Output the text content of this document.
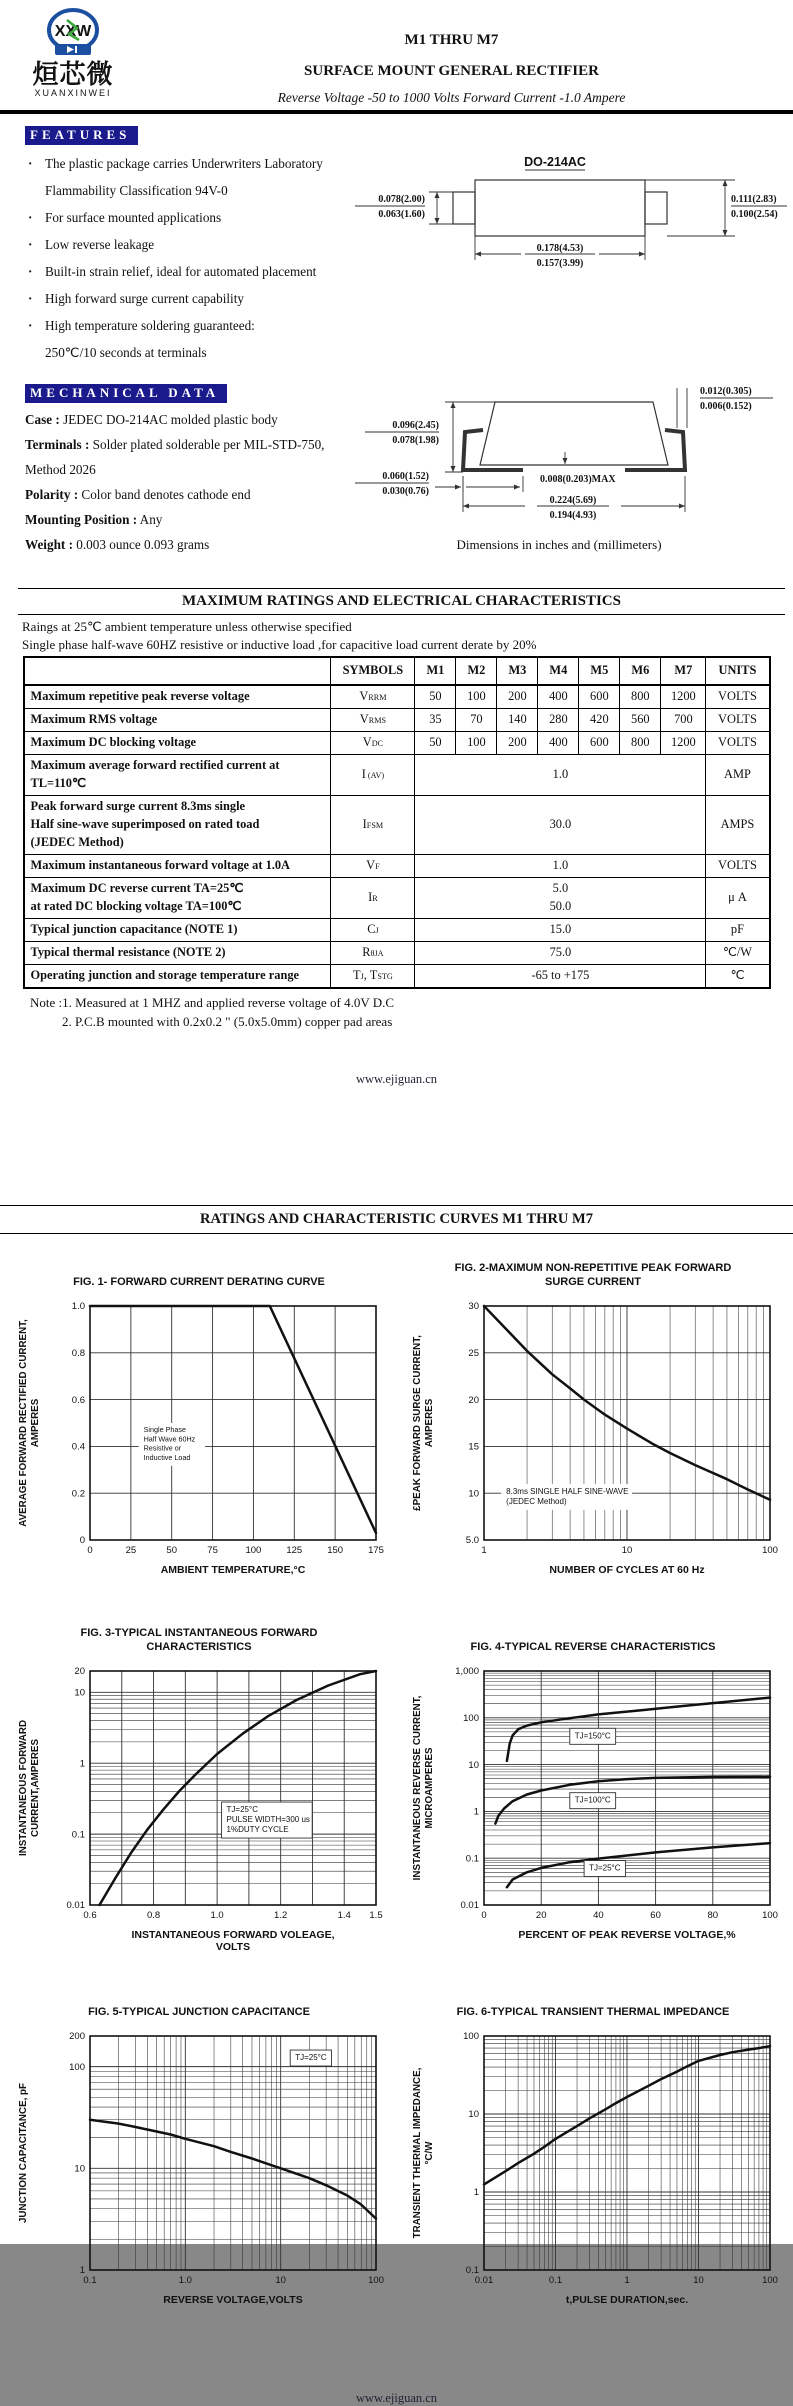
XXW
烜芯微
XUANXINWEI
M1 THRU M7
SURFACE MOUNT GENERAL RECTIFIER
Reverse Voltage -50 to 1000 Volts Forward Current -1.0 Ampere
FEATURES
· The plastic package carries Underwriters Laboratory
Flammability Classification 94V-0
· For surface mounted applications
· Low reverse leakage
· Built-in strain relief, ideal for automated placement
· High forward surge current capability
· High temperature soldering guaranteed:
250℃/10 seconds at terminals
DO-214AC
0.078(2.00)
0.063(1.60)
0.111(2.83)
0.100(2.54)
0.178(4.53)
0.157(3.99)
MECHANICAL DATA

Case : JEDEC DO-214AC molded plastic body

Terminals : Solder plated solderable per MIL-STD-750,

Method 2026

Polarity : Color band denotes cathode end

Mounting Position : Any

Weight : 0.003 ounce 0.093 grams

0.012(0.305)
0.006(0.152)
0.096(2.45)
0.078(1.98)
0.060(1.52)
0.030(0.76)
0.008(0.203)MAX
0.224(5.69)
0.194(4.93)
Dimensions in inches and (millimeters)
MAXIMUM RATINGS AND ELECTRICAL CHARACTERISTICS
Raings at 25℃ ambient temperature unless otherwise specified
Single phase half-wave 60HZ resistive or inductive load ,for capacitive load current derate by 20%
	SYMBOLS	M1	M2	M3	M4	M5	M6	M7	UNITS

Maximum repetitive peak reverse voltage	VRRM	50	100	200	400	600	800	1200	VOLTS

Maximum RMS voltage	VRMS	35	70	140	280	420	560	700	VOLTS

Maximum DC blocking voltage	VDC	50	100	200	400	600	800	1200	VOLTS

Maximum average forward rectified current at
TL=110℃	I (AV)	1.0							AMP

Peak forward surge current 8.3ms single
Half sine-wave superimposed on rated toad
(JEDEC Method)	IFSM	30.0							AMPS

Maximum instantaneous forward voltage at 1.0A	VF	1.0							VOLTS

Maximum DC reverse current TA=25℃
at rated DC blocking voltage TA=100℃
	IR	5.0
50.0	μ A

Typical junction capacitance (NOTE 1)	CJ	15.0							pF

Typical thermal resistance (NOTE 2)	RθJA	75.0							℃/W

Operating junction and storage temperature range	TJ, TSTG	-65 to +175							℃
Note :1. Measured at 1 MHZ and applied reverse voltage of 4.0V D.C
2. P.C.B mounted with 0.2x0.2 " (5.0x5.0mm) copper pad areas
www.ejiguan.cn
RATINGS AND CHARACTERISTIC CURVES M1 THRU M7
FIG. 1- FORWARD CURRENT DERATING CURVE
0	25	50	75	100	125	150	175
0
0.2
0.4
0.6
0.8
1.0
AMBIENT TEMPERATURE,°C
AVERAGE FORWARD RECTIFIED CURRENT, AMPERES	Single Phase
Half Wave 60Hz
Resistive or
Inductive Load
FIG. 2-MAXIMUM NON-REPETITIVE PEAK FORWARD
SURGE CURRENT
1	10	100
5.0
10
15
20
25
30
NUMBER OF CYCLES AT 60 Hz
£PEAK FORWARD SURGE CURRENT, AMPERES
8.3ms SINGLE HALF SINE-WAVE
(JEDEC Method)
FIG. 3-TYPICAL INSTANTANEOUS FORWARD
CHARACTERISTICS
0.6	0.8	1.0	1.2	1.4 1.5
0.01
0.1
1
10
20
INSTANTANEOUS FORWARD VOLEAGE,
VOLTS
INSTANTANEOUS FORWARD CURRENT,AMPERES	TJ=25°C
PULSE WIDTH=300 us
1%DUTY CYCLE
FIG. 4-TYPICAL REVERSE CHARACTERISTICS
0	20	40	60	80	100
0.01
0.1
1
10
100
1,000
PERCENT OF PEAK REVERSE VOLTAGE,%
INSTANTANEOUS REVERSE CURRENT, MICROAMPERES
TJ=150°C
TJ=100°C
TJ=25°C
FIG. 5-TYPICAL JUNCTION CAPACITANCE
0.1	1.0	10	100
1
10
100
200
REVERSE VOLTAGE,VOLTS
JUNCTION CAPACITANCE, pF
TJ=25°C
FIG. 6-TYPICAL TRANSIENT THERMAL IMPEDANCE
0.01	0.1	1	10	100
0.1
1
10
100
t,PULSE DURATION,sec.
TRANSIENT THERMAL IMPEDANCE, °C/W
www.ejiguan.cn
